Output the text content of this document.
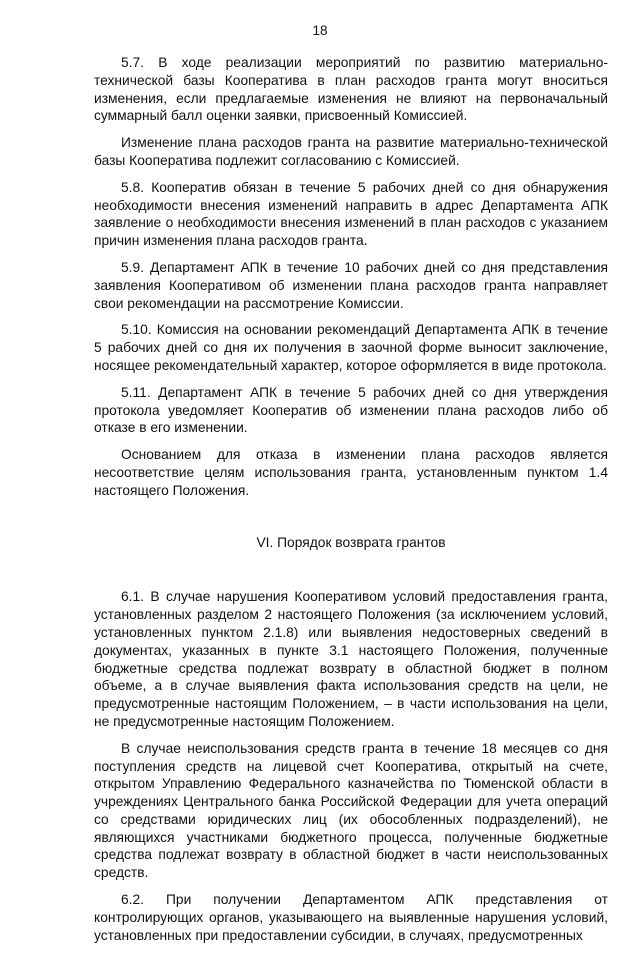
18

5.7. В ходе реализации мероприятий по развитию материально-технической базы Кооператива в план расходов гранта могут вноситься изменения, если предлагаемые изменения не влияют на первоначальный суммарный балл оценки заявки, присвоенный Комиссией.

Изменение плана расходов гранта на развитие материально-технической базы Кооператива подлежит согласованию с Комиссией.

5.8. Кооператив обязан в течение 5 рабочих дней со дня обнаружения необходимости внесения изменений направить в адрес Департамента АПК заявление о необходимости внесения изменений в план расходов с указанием причин изменения плана расходов гранта.

5.9. Департамент АПК в течение 10 рабочих дней со дня представления заявления Кооперативом об изменении плана расходов гранта направляет свои рекомендации на рассмотрение Комиссии.

5.10. Комиссия на основании рекомендаций Департамента АПК в течение 5 рабочих дней со дня их получения в заочной форме выносит заключение, носящее рекомендательный характер, которое оформляется в виде протокола.

5.11. Департамент АПК в течение 5 рабочих дней со дня утверждения протокола уведомляет Кооператив об изменении плана расходов либо об отказе в его изменении.

Основанием для отказа в изменении плана расходов является несоответствие целям использования гранта, установленным пунктом 1.4 настоящего Положения.

VI. Порядок возврата грантов

6.1. В случае нарушения Кооперативом условий предоставления гранта, установленных разделом 2 настоящего Положения (за исключением условий, установленных пунктом 2.1.8) или выявления недостоверных сведений в документах, указанных в пункте 3.1 настоящего Положения, полученные бюджетные средства подлежат возврату в областной бюджет в полном объеме, а в случае выявления факта использования средств на цели, не предусмотренные настоящим Положением, – в части использования на цели, не предусмотренные настоящим Положением.

В случае неиспользования средств гранта в течение 18 месяцев со дня поступления средств на лицевой счет Кооператива, открытый на счете, открытом Управлению Федерального казначейства по Тюменской области в учреждениях Центрального банка Российской Федерации для учета операций со средствами юридических лиц (их обособленных подразделений), не являющихся участниками бюджетного процесса, полученные бюджетные средства подлежат возврату в областной бюджет в части неиспользованных средств.

6.2. При получении Департаментом АПК представления от контролирующих органов, указывающего на выявленные нарушения условий, установленных при предоставлении субсидии, в случаях, предусмотренных
